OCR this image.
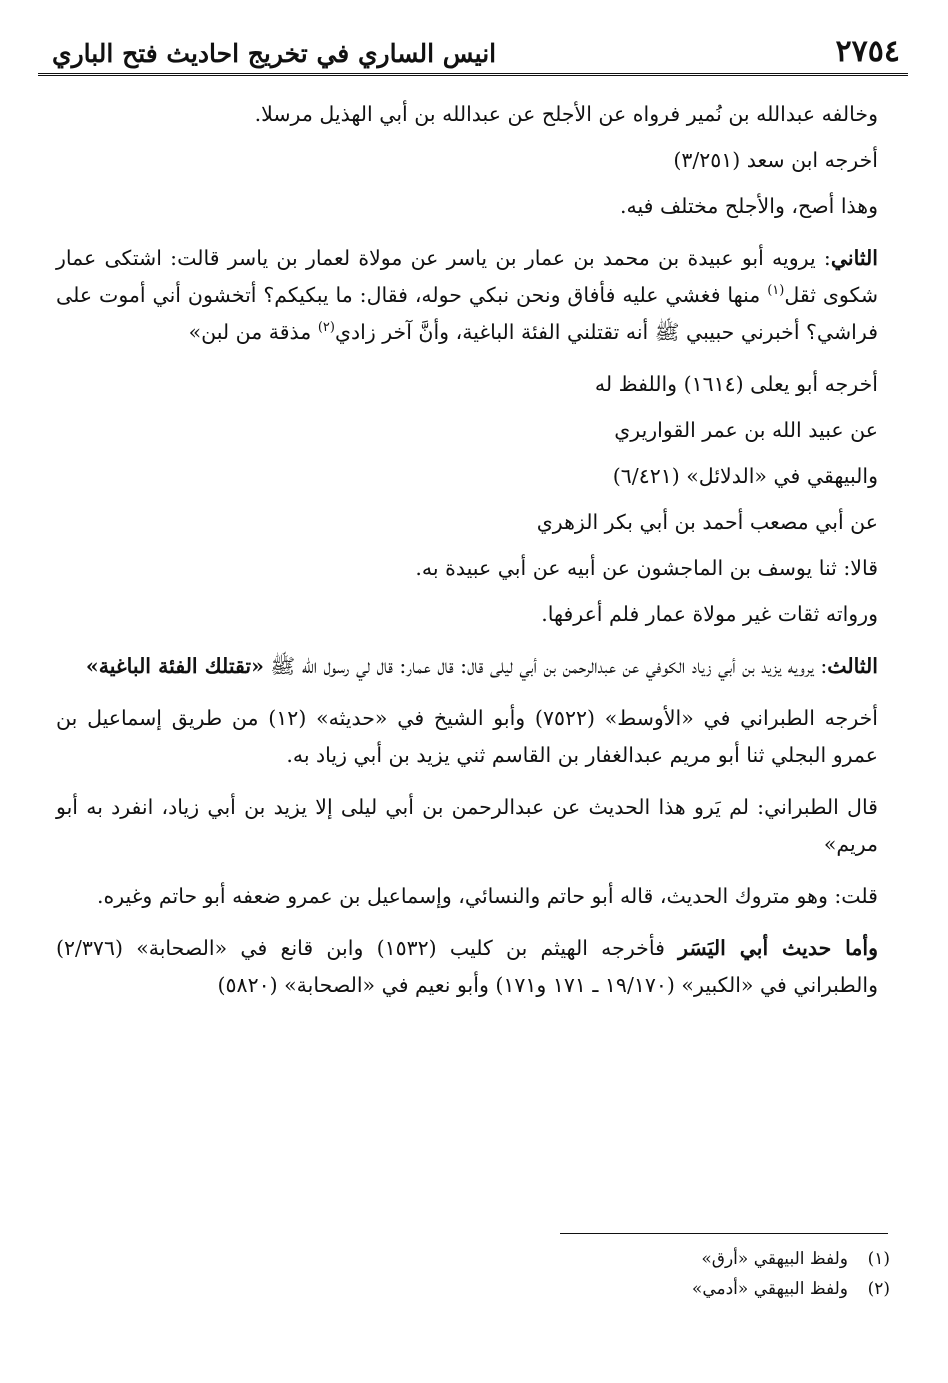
٢٧٥٤
انيس الساري في تخريج احاديث فتح الباري

وخالفه عبدالله بن نُمير فرواه عن الأجلح عن عبدالله بن أبي الهذيل مرسلا.

أخرجه ابن سعد (٣/٢٥١)

وهذا أصح، والأجلح مختلف فيه.

الثاني: يرويه أبو عبيدة بن محمد بن عمار بن ياسر عن مولاة لعمار بن ياسر قالت: اشتكى عمار شكوى ثقل$^{(١)}$ منها فغشي عليه فأفاق ونحن نبكي حوله، فقال: ما يبكيكم؟ أتخشون أني أموت على فراشي؟ أخبرني حبيبي ﷺ أنه تقتلني الفئة الباغية، وأنَّ آخر زادي$^{(٢)}$ مذقة من لبن»

أخرجه أبو يعلى (١٦١٤) واللفظ له

عن عبيد الله بن عمر القواريري

والبيهقي في «الدلائل» (٦/٤٢١)

عن أبي مصعب أحمد بن أبي بكر الزهري

قالا: ثنا يوسف بن الماجشون عن أبيه عن أبي عبيدة به.

ورواته ثقات غير مولاة عمار فلم أعرفها.

الثالث: يرويه يزيد بن أبي زياد الكوفي عن عبدالرحمن بن أبي ليلى قال: قال عمار: قال لي رسول الله ﷺ «تقتلك الفئة الباغية»

أخرجه الطبراني في «الأوسط» (٧٥٢٢) وأبو الشيخ في «حديثه» (١٢) من طريق إسماعيل بن عمرو البجلي ثنا أبو مريم عبدالغفار بن القاسم ثني يزيد بن أبي زياد به.

قال الطبراني: لم يَرو هذا الحديث عن عبدالرحمن بن أبي ليلى إلا يزيد بن أبي زياد، انفرد به أبو مريم»

قلت: وهو متروك الحديث، قاله أبو حاتم والنسائي، وإسماعيل بن عمرو ضعفه أبو حاتم وغيره.

وأما حديث أبي اليَسَر فأخرجه الهيثم بن كليب (١٥٣٢) وابن قانع في «الصحابة» (٢/٣٧٦) والطبراني في «الكبير» (١٩/١٧٠ ـ ١٧١ و١٧١) وأبو نعيم في «الصحابة» (٥٨٢٠)

(١)
ولفظ البيهقي «أرق»
(٢)
ولفظ البيهقي «أدمي»
